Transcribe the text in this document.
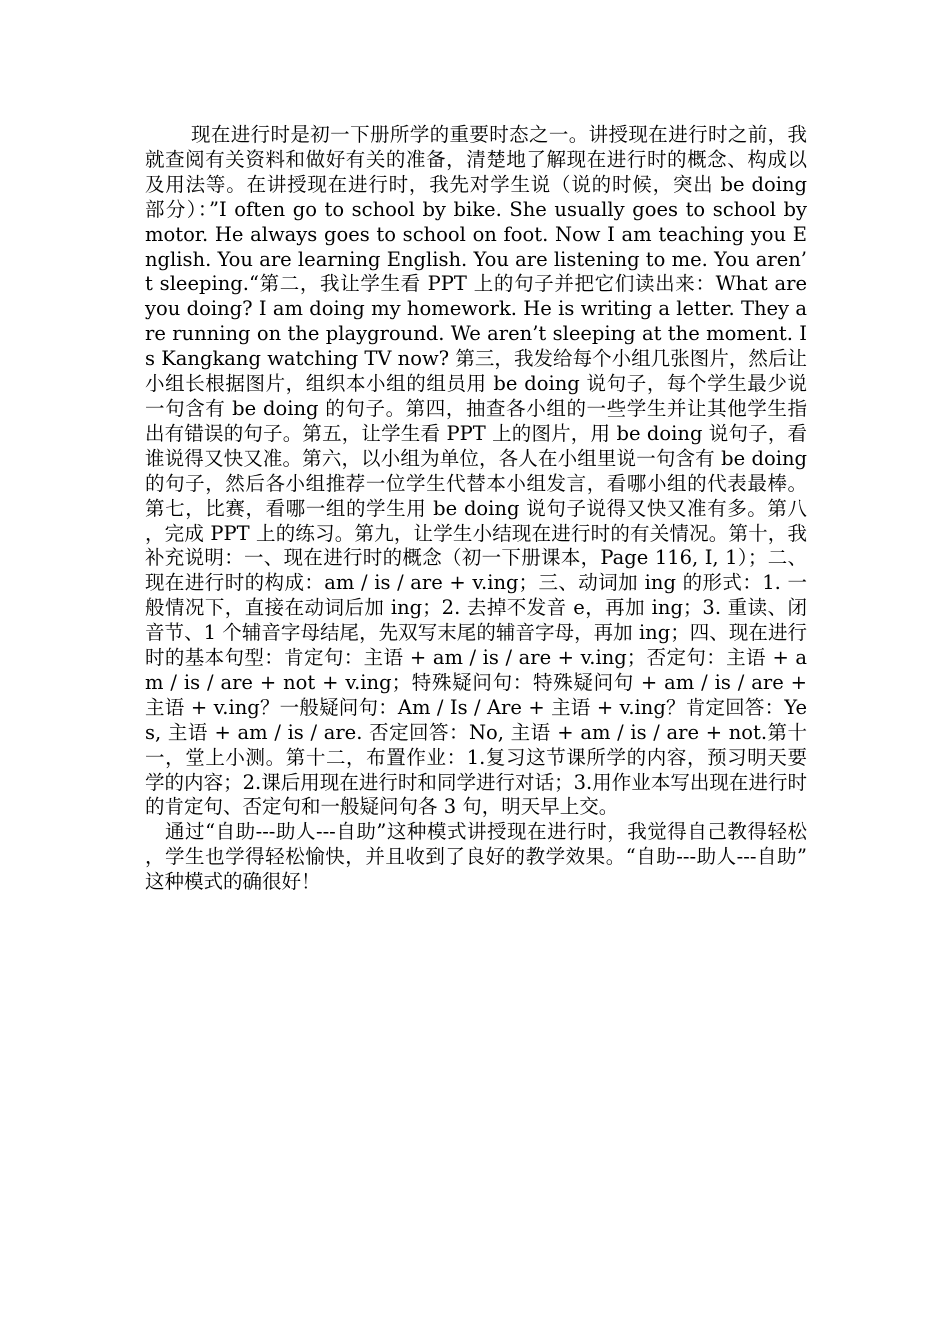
现在进行时是初一下册所学的重要时态之一。讲授现在进行时之前，我就查阅有关资料和做好有关的准备，清楚地了解现在进行时的概念、构成以及用法等。在讲授现在进行时，我先对学生说（说的时候，突出 be doing 部分）：”I often go to school by bike. She usually goes to school by motor. He always goes to school on foot. Now I am teaching you English. You are learning English. You are listening to me. You aren’t sleeping.“第二，我让学生看 PPT 上的句子并把它们读出来：What are you doing? I am doing my homework. He is writing a letter. They are running on the playground. We aren’t sleeping at the moment. Is Kangkang watching TV now? 第三，我发给每个小组几张图片，然后让小组长根据图片，组织本小组的组员用 be doing 说句子，每个学生最少说一句含有 be doing 的句子。第四，抽查各小组的一些学生并让其他学生指出有错误的句子。第五，让学生看 PPT 上的图片，用 be doing 说句子，看谁说得又快又准。第六，以小组为单位，各人在小组里说一句含有 be doing 的句子，然后各小组推荐一位学生代替本小组发言，看哪小组的代表最棒。第七，比赛，看哪一组的学生用 be doing 说句子说得又快又准有多。第八，完成 PPT 上的练习。第九，让学生小结现在进行时的有关情况。第十，我补充说明：一、现在进行时的概念（初一下册课本，Page 116, I, 1）；二、现在进行时的构成：am / is / are + v.ing；三、动词加 ing 的形式：1. 一般情况下，直接在动词后加 ing；2. 去掉不发音 e，再加 ing；3. 重读、闭音节、1 个辅音字母结尾，先双写末尾的辅音字母，再加 ing；四、现在进行时的基本句型：肯定句：主语 + am / is / are + v.ing；否定句：主语 + am / is / are + not + v.ing；特殊疑问句：特殊疑问句 + am / is / are + 主语 + v.ing？一般疑问句：Am / Is / Are + 主语 + v.ing？肯定回答：Yes, 主语 + am / is / are. 否定回答：No, 主语 + am / is / are + not.第十一，堂上小测。第十二，布置作业：1.复习这节课所学的内容，预习明天要学的内容；2.课后用现在进行时和同学进行对话；3.用作业本写出现在进行时的肯定句、否定句和一般疑问句各 3 句，明天早上交。

通过“自助---助人---自助”这种模式讲授现在进行时，我觉得自己教得轻松，学生也学得轻松愉快，并且收到了良好的教学效果。“自助---助人---自助”这种模式的确很好！
